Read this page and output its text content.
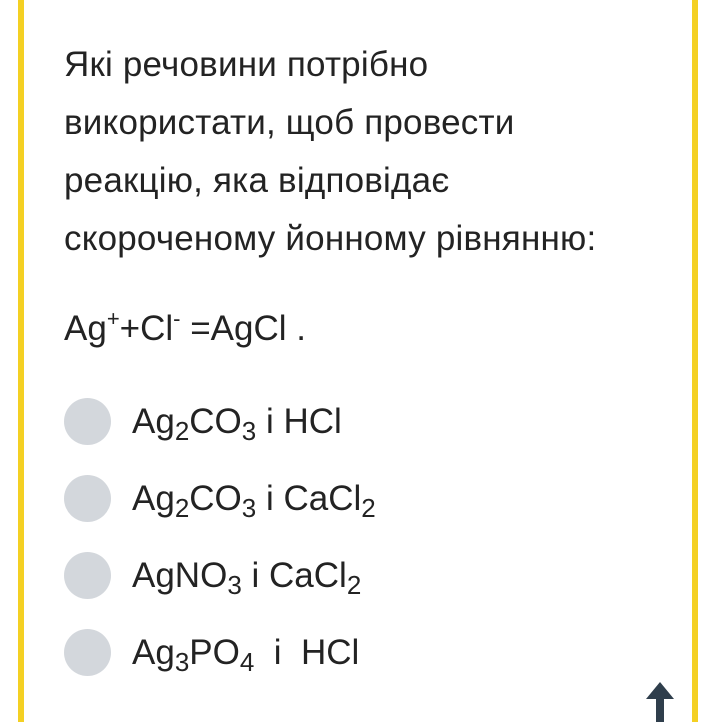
Які речовини потрібно
використати, щоб провести
реакцію, яка відповідає
скороченому йонному рівнянню:
Ag++Cl- =AgCl .
$Ag_2CO_3$ і HCl
$Ag_2CO_3$ і CaCl$_2$
AgNO$_3$ і CaCl$_2$
$Ag_3PO_4$  і  HCl
